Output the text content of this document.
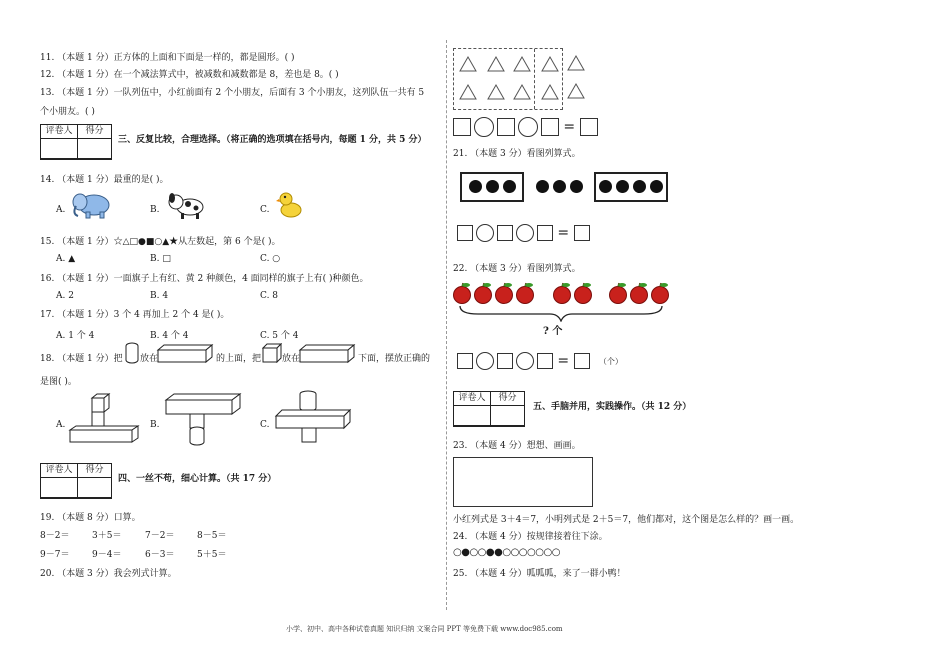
11. （本题 1 分）正方体的上面和下面是一样的，都是圆形。( )
12. （本题 1 分）在一个减法算式中，被减数和减数都是 8，差也是 8。( )
13. （本题 1 分）一队列伍中，小红前面有 2 个小朋友，后面有 3 个小朋友，这列队伍一共有 5
个小朋友。( )
评卷人	得分
三、反复比较，合理选择。（将正确的选项填在括号内，每题 1 分，共 5 分）
14. （本题 1 分）最重的是( )。
A.	B.	C.
15. （本题 1 分）☆△□●■○▲★从左数起，第 6 个是( )。
A. ▲	B. □	C. ○
16. （本题 1 分）一面旗子上有红、黄 2 种颜色，4 面同样的旗子上有( )种颜色。
A. 2	B. 4	C. 8
17. （本题 1 分）3 个 4 再加上 2 个 4 是( )。
A. 1 个 4	B. 4 个 4	C. 5 个 4
18. （本题 1 分）把 放在	的上面，把 放在	下面，摆放正确的
是图( )。
A.	B.	C.
评卷人	得分
四、一丝不苟，细心计算。（共 17 分）
19. （本题 8 分）口算。
8－2＝	3＋5＝	7－2＝	8－5＝
9－7＝	9－4＝	6－3＝	5＋5＝
20. （本题 3 分）我会列式计算。
=
21. （本题 3 分）看图列算式。
=
22. （本题 3 分）看图列算式。
? 个
=	（个）
评卷人	得分
五、手脑并用，实践操作。（共 12 分）
23. （本题 4 分）想想、画画。
小红列式是 3＋4＝7，小明列式是 2＋5＝7，他们都对，这个图是怎么样的？画一画。
24. （本题 4 分）按规律接着往下涂。
○●○○●●○○○○○○○
25. （本题 4 分）呱呱呱，来了一群小鸭！
小学、初中、高中各种试卷真题 知识归纳 文案合同 PPT 等免费下载 www.doc985.com
